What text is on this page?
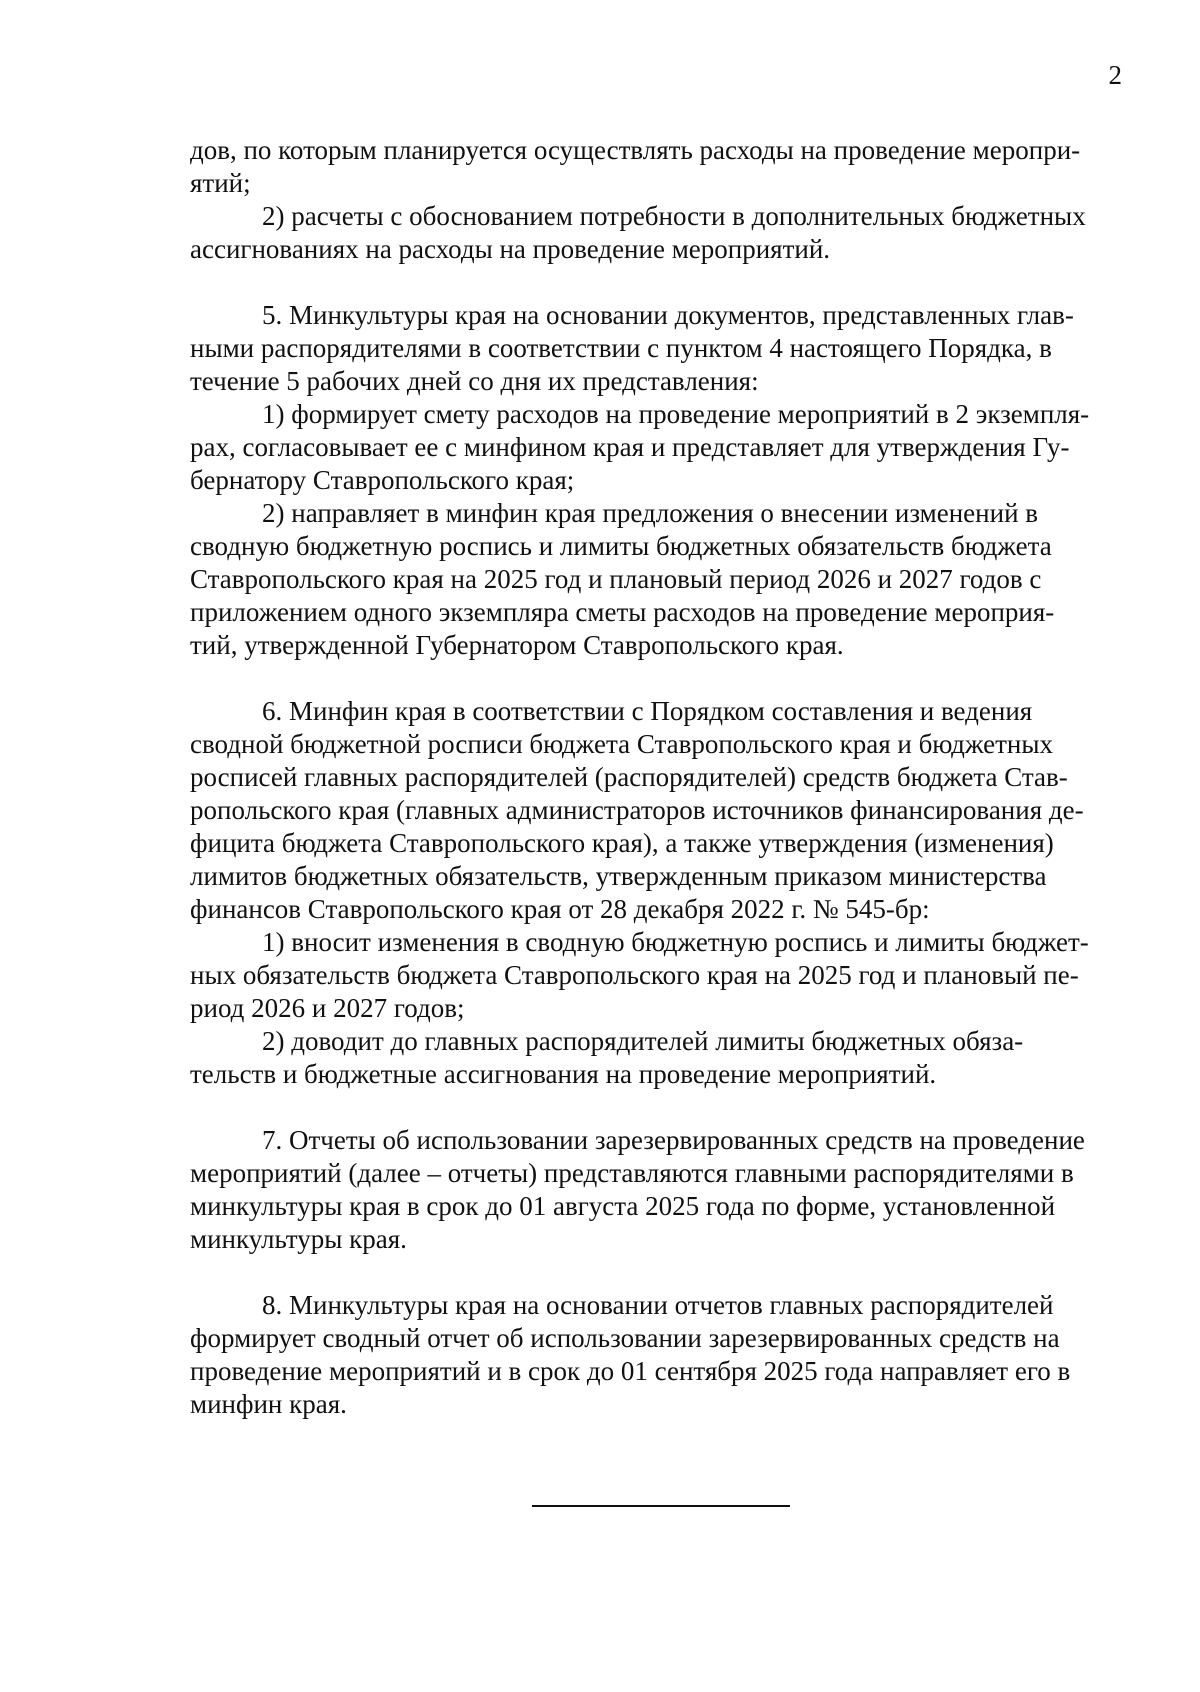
2

дов, по которым планируется осуществлять расходы на проведение меропри-
ятий;

2) расчеты с обоснованием потребности в дополнительных бюджетных
ассигнованиях на расходы на проведение мероприятий.

5. Минкультуры края на основании документов, представленных глав-
ными распорядителями в соответствии с пунктом 4 настоящего Порядка, в
течение 5 рабочих дней со дня их представления:

1) формирует смету расходов на проведение мероприятий в 2 экземпля-
рах, согласовывает ее с минфином края и представляет для утверждения Гу-
бернатору Ставропольского края;

2) направляет в минфин края предложения о внесении изменений в
сводную бюджетную роспись и лимиты бюджетных обязательств бюджета
Ставропольского края на 2025 год и плановый период 2026 и 2027 годов с
приложением одного экземпляра сметы расходов на проведение мероприя-
тий, утвержденной Губернатором Ставропольского края.

6. Минфин края в соответствии с Порядком составления и ведения
сводной бюджетной росписи бюджета Ставропольского края и бюджетных
росписей главных распорядителей (распорядителей) средств бюджета Став-
ропольского края (главных администраторов источников финансирования де-
фицита бюджета Ставропольского края), а также утверждения (изменения)
лимитов бюджетных обязательств, утвержденным приказом министерства
финансов Ставропольского края от 28 декабря 2022 г. № 545-бр:

1) вносит изменения в сводную бюджетную роспись и лимиты бюджет-
ных обязательств бюджета Ставропольского края на 2025 год и плановый пе-
риод 2026 и 2027 годов;

2) доводит до главных распорядителей лимиты бюджетных обяза-
тельств и бюджетные ассигнования на проведение мероприятий.

7. Отчеты об использовании зарезервированных средств на проведение
мероприятий (далее – отчеты) представляются главными распорядителями в
минкультуры края в срок до 01 августа 2025 года по форме, установленной
минкультуры края.

8. Минкультуры края на основании отчетов главных распорядителей
формирует сводный отчет об использовании зарезервированных средств на
проведение мероприятий и в срок до 01 сентября 2025 года направляет его в
минфин края.
